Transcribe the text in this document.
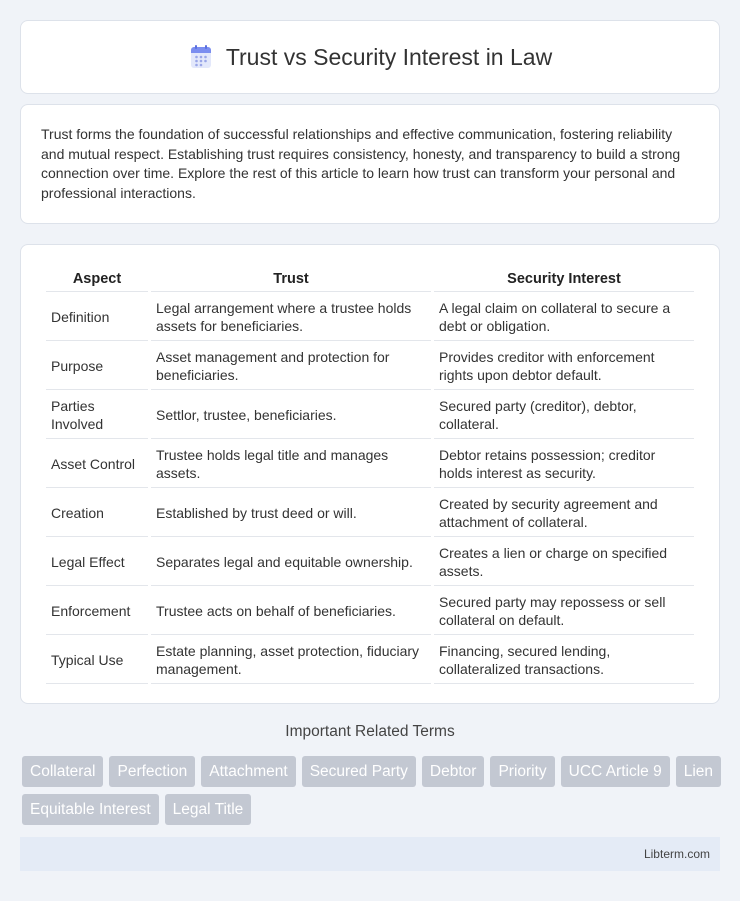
Trust vs Security Interest in Law

Trust forms the foundation of successful relationships and effective communication, fostering reliability and mutual respect. Establishing trust requires consistency, honesty, and transparency to build a strong connection over time. Explore the rest of this article to learn how trust can transform your personal and professional interactions.

Aspect	Trust	Security Interest
Definition	Legal arrangement where a trustee holds assets for beneficiaries.	A legal claim on collateral to secure a debt or obligation.
Purpose	Asset management and protection for beneficiaries.	Provides creditor with enforcement rights upon debtor default.
Parties Involved	Settlor, trustee, beneficiaries.	Secured party (creditor), debtor, collateral.
Asset Control	Trustee holds legal title and manages assets.	Debtor retains possession; creditor holds interest as security.
Creation	Established by trust deed or will.	Created by security agreement and attachment of collateral.
Legal Effect	Separates legal and equitable ownership.	Creates a lien or charge on specified assets.
Enforcement	Trustee acts on behalf of beneficiaries.	Secured party may repossess or sell collateral on default.
Typical Use	Estate planning, asset protection, fiduciary management.	Financing, secured lending, collateralized transactions.
Important Related Terms
Collateral	Perfection	Attachment	Secured Party	Debtor	Priority	UCC Article 9	Lien
Equitable Interest	Legal Title
Libterm.com
